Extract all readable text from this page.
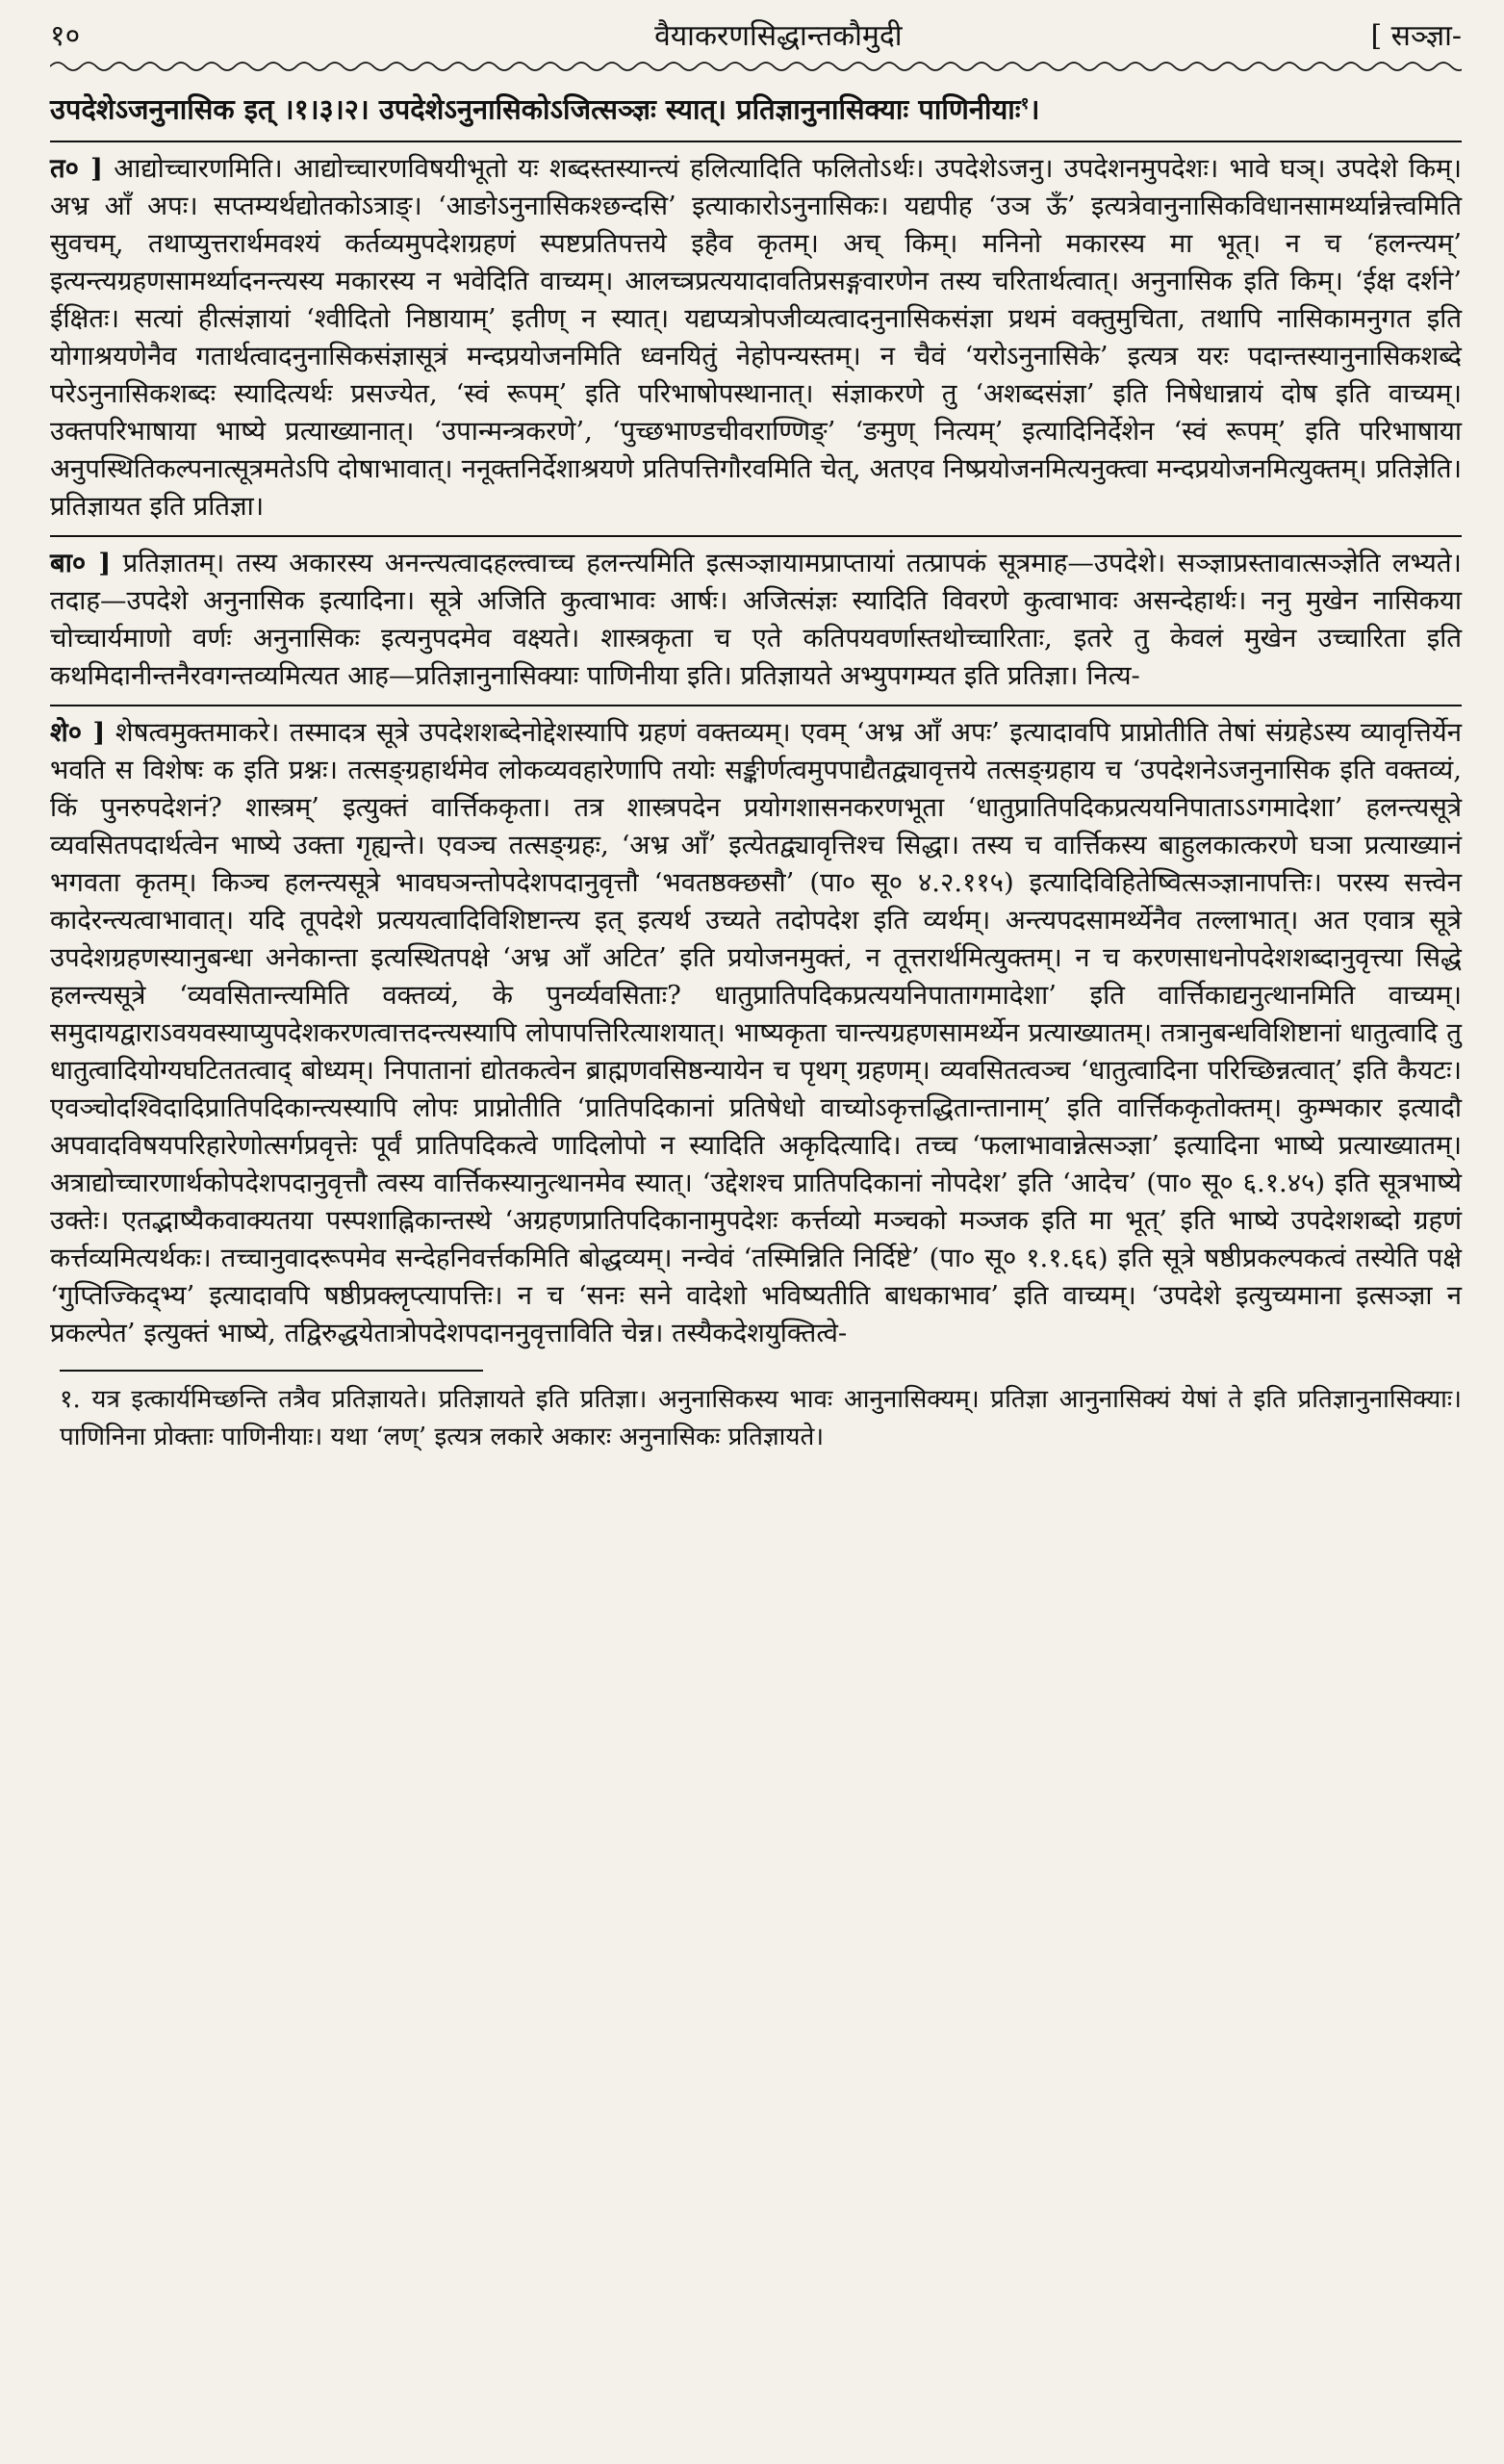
१०	वैयाकरणसिद्धान्तकौमुदी	[ सञ्ज्ञा-
उपदेशेऽजनुनासिक इत् ।१।३।२। उपदेशेऽनुनासिकोऽजित्सञ्ज्ञः स्यात्। प्रतिज्ञानुनासिक्याः पाणिनीयाः$^१$।
त० ] आद्योच्चारणमिति। आद्योच्चारणविषयीभूतो यः शब्दस्तस्यान्त्यं हलित्यादिति फलितोऽर्थः। उपदेशेऽजनु। उपदेशनमुपदेशः। भावे घञ्। उपदेशे किम्। अभ्र आँ अपः। सप्तम्यर्थद्योतकोऽत्राङ्। ‘आङोऽनुनासिकश्छन्दसि’ इत्याकारोऽनुनासिकः। यद्यपीह ‘उञ ऊँ’ इत्यत्रेवानुनासिकविधानसामर्थ्यान्नेत्त्वमिति सुवचम्, तथाप्युत्तरार्थमवश्यं कर्तव्यमुपदेशग्रहणं स्पष्टप्रतिपत्तये इहैव कृतम्। अच् किम्। मनिनो मकारस्य मा भूत्। न च ‘हलन्त्यम्’ इत्यन्त्यग्रहणसामर्थ्यादनन्त्यस्य मकारस्य न भवेदिति वाच्यम्। आलच्त्रप्रत्ययादावतिप्रसङ्गवारणेन तस्य चरितार्थत्वात्। अनुनासिक इति किम्। ‘ईक्ष दर्शने’ ईक्षितः। सत्यां हीत्संज्ञायां ‘श्वीदितो निष्ठायाम्’ इतीण् न स्यात्। यद्यप्यत्रोपजीव्यत्वादनुनासिकसंज्ञा प्रथमं वक्तुमुचिता, तथापि नासिकामनुगत इति योगाश्रयणेनैव गतार्थत्वादनुनासिकसंज्ञासूत्रं मन्दप्रयोजनमिति ध्वनयितुं नेहोपन्यस्तम्। न चैवं ‘यरोऽनुनासिके’ इत्यत्र यरः पदान्तस्यानुनासिकशब्दे परेऽनुनासिकशब्दः स्यादित्यर्थः प्रसज्येत, ‘स्वं रूपम्’ इति परिभाषोपस्थानात्। संज्ञाकरणे तु ‘अशब्दसंज्ञा’ इति निषेधान्नायं दोष इति वाच्यम्। उक्तपरिभाषाया भाष्ये प्रत्याख्यानात्। ‘उपान्मन्त्रकरणे’, ‘पुच्छभाण्डचीवराण्णिङ्’ ‘ङमुण् नित्यम्’ इत्यादिनिर्देशेन ‘स्वं रूपम्’ इति परिभाषाया अनुपस्थितिकल्पनात्सूत्रमतेऽपि दोषाभावात्। ननूक्तनिर्देशाश्रयणे प्रतिपत्तिगौरवमिति चेत्, अतएव निष्प्रयोजनमित्यनुक्त्वा मन्दप्रयोजनमित्युक्तम्। प्रतिज्ञेति। प्रतिज्ञायत इति प्रतिज्ञा।
बा० ] प्रतिज्ञातम्। तस्य अकारस्य अनन्त्यत्वादहल्त्वाच्च हलन्त्यमिति इत्सञ्ज्ञायामप्राप्तायां तत्प्रापकं सूत्रमाह—उपदेशे। सञ्ज्ञाप्रस्तावात्सञ्ज्ञेति लभ्यते। तदाह—उपदेशे अनुनासिक इत्यादिना। सूत्रे अजिति कुत्वाभावः आर्षः। अजित्संज्ञः स्यादिति विवरणे कुत्वाभावः असन्देहार्थः। ननु मुखेन नासिकया चोच्चार्यमाणो वर्णः अनुनासिकः इत्यनुपदमेव वक्ष्यते। शास्त्रकृता च एते कतिपयवर्णास्तथोच्चारिताः, इतरे तु केवलं मुखेन उच्चारिता इति कथमिदानीन्तनैरवगन्तव्यमित्यत आह—प्रतिज्ञानुनासिक्याः पाणिनीया इति। प्रतिज्ञायते अभ्युपगम्यत इति प्रतिज्ञा। नित्य-
शे० ] शेषत्वमुक्तमाकरे। तस्मादत्र सूत्रे उपदेशशब्देनोद्देशस्यापि ग्रहणं वक्तव्यम्। एवम् ‘अभ्र आँ अपः’ इत्यादावपि प्राप्नोतीति तेषां संग्रहेऽस्य व्यावृत्तिर्येन भवति स विशेषः क इति प्रश्नः। तत्सङ्ग्रहार्थमेव लोकव्यवहारेणापि तयोः सङ्कीर्णत्वमुपपाद्यैतद्व्यावृत्तये तत्सङ्ग्रहाय च ‘उपदेशनेऽजनुनासिक इति वक्तव्यं, किं पुनरुपदेशनं? शास्त्रम्’ इत्युक्तं वार्त्तिककृता। तत्र शास्त्रपदेन प्रयोगशासनकरणभूता ‘धातुप्रातिपदिकप्रत्ययनिपाताऽऽगमादेशा’ हलन्त्यसूत्रे व्यवसितपदार्थत्वेन भाष्ये उक्ता गृह्यन्ते। एवञ्च तत्सङ्ग्रहः, ‘अभ्र आँ’ इत्येतद्व्यावृत्तिश्च सिद्धा। तस्य च वार्त्तिकस्य बाहुलकात्करणे घञा प्रत्याख्यानं भगवता कृतम्। किञ्च हलन्त्यसूत्रे भावघञन्तोपदेशपदानुवृत्तौ ‘भवतष्ठक्छसौ’ (पा० सू० ४.२.११५) इत्यादिविहितेष्वित्सञ्ज्ञानापत्तिः। परस्य सत्त्वेन कादेरन्त्यत्वाभावात्। यदि तूपदेशे प्रत्ययत्वादिविशिष्टान्त्य इत् इत्यर्थ उच्यते तदोपदेश इति व्यर्थम्। अन्त्यपदसामर्थ्येनैव तल्लाभात्। अत एवात्र सूत्रे उपदेशग्रहणस्यानुबन्धा अनेकान्ता इत्यस्थितपक्षे ‘अभ्र आँ अटित’ इति प्रयोजनमुक्तं, न तूत्तरार्थमित्युक्तम्। न च करणसाधनोपदेशशब्दानुवृत्त्या सिद्धे हलन्त्यसूत्रे ‘व्यवसितान्त्यमिति वक्तव्यं, के पुनर्व्यवसिताः? धातुप्रातिपदिकप्रत्ययनिपातागमादेशा’ इति वार्त्तिकाद्यनुत्थानमिति वाच्यम्। समुदायद्वाराऽवयवस्याप्युपदेशकरणत्वात्तदन्त्यस्यापि लोपापत्तिरित्याशयात्। भाष्यकृता चान्त्यग्रहणसामर्थ्येन प्रत्याख्यातम्। तत्रानुबन्धविशिष्टानां धातुत्वादि तु धातुत्वादियोग्यघटिततत्वाद् बोध्यम्। निपातानां द्योतकत्वेन ब्राह्मणवसिष्ठन्यायेन च पृथग् ग्रहणम्। व्यवसितत्वञ्च ‘धातुत्वादिना परिच्छिन्नत्वात्’ इति कैयटः। एवञ्चोदश्विदादिप्रातिपदिकान्त्यस्यापि लोपः प्राप्नोतीति ‘प्रातिपदिकानां प्रतिषेधो वाच्योऽकृत्तद्धितान्तानाम्’ इति वार्त्तिककृतोक्तम्। कुम्भकार इत्यादौ अपवादविषयपरिहारेणोत्सर्गप्रवृत्तेः पूर्वं प्रातिपदिकत्वे णादिलोपो न स्यादिति अकृदित्यादि। तच्च ‘फलाभावान्नेत्सञ्ज्ञा’ इत्यादिना भाष्ये प्रत्याख्यातम्। अत्राद्योच्चारणार्थकोपदेशपदानुवृत्तौ त्वस्य वार्त्तिकस्यानुत्थानमेव स्यात्। ‘उद्देशश्च प्रातिपदिकानां नोपदेश’ इति ‘आदेच’ (पा० सू० ६.१.४५) इति सूत्रभाष्ये उक्तेः। एतद्भाष्यैकवाक्यतया पस्पशाह्निकान्तस्थे ‘अग्रहणप्रातिपदिकानामुपदेशः कर्त्तव्यो मञ्चको मञ्जक इति मा भूत्’ इति भाष्ये उपदेशशब्दो ग्रहणं कर्त्तव्यमित्यर्थकः। तच्चानुवादरूपमेव सन्देहनिवर्त्तकमिति बोद्धव्यम्। नन्वेवं ‘तस्मिन्निति निर्दिष्टे’ (पा० सू० १.१.६६) इति सूत्रे षष्ठीप्रकल्पकत्वं तस्येति पक्षे ‘गुप्तिज्किद्भ्य’ इत्यादावपि षष्ठीप्रक्लृप्त्यापत्तिः। न च ‘सनः सने वादेशो भविष्यतीति बाधकाभाव’ इति वाच्यम्। ‘उपदेशे इत्युच्यमाना इत्सञ्ज्ञा न प्रकल्पेत’ इत्युक्तं भाष्ये, तद्विरुद्धयेतात्रोपदेशपदाननुवृत्ताविति चेन्न। तस्यैकदेशयुक्तित्वे-
१. यत्र इत्कार्यमिच्छन्ति तत्रैव प्रतिज्ञायते। प्रतिज्ञायते इति प्रतिज्ञा। अनुनासिकस्य भावः आनुनासिक्यम्। प्रतिज्ञा आनुनासिक्यं येषां ते इति प्रतिज्ञानुनासिक्याः। पाणिनिना प्रोक्ताः पाणिनीयाः। यथा ‘लण्’ इत्यत्र लकारे अकारः अनुनासिकः प्रतिज्ञायते।
